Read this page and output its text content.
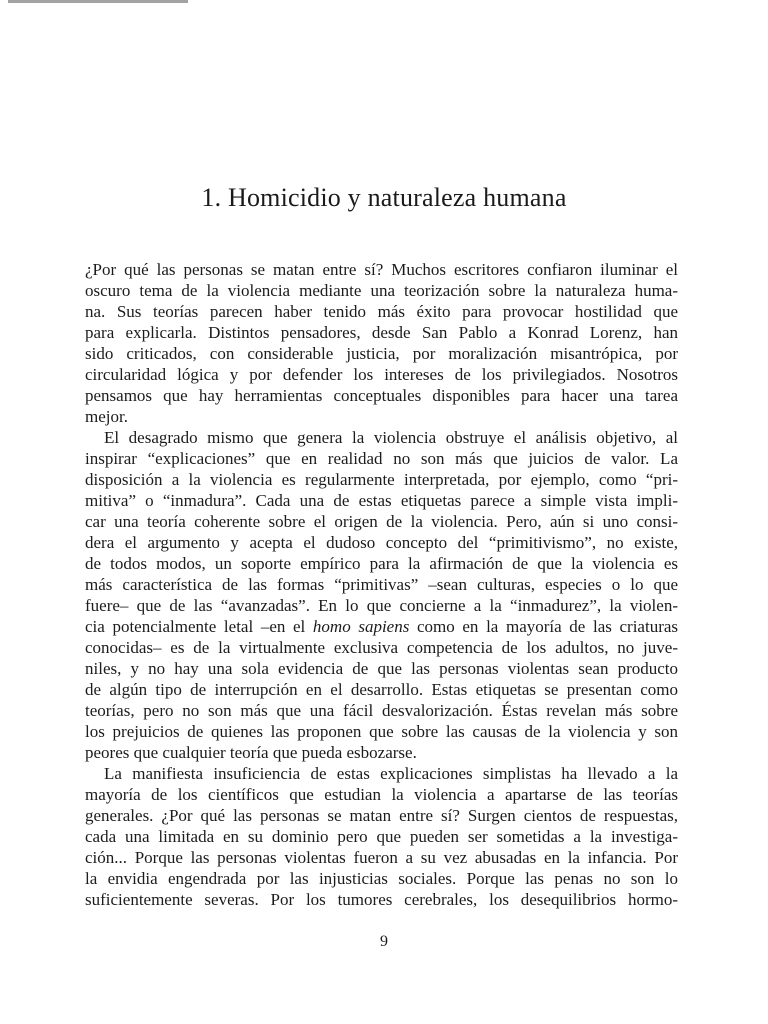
1. Homicidio y naturaleza humana
¿Por qué las personas se matan entre sí? Muchos escritores confiaron iluminar el
oscuro tema de la violencia mediante una teorización sobre la naturaleza huma-
na. Sus teorías parecen haber tenido más éxito para provocar hostilidad que
para explicarla. Distintos pensadores, desde San Pablo a Konrad Lorenz, han
sido criticados, con considerable justicia, por moralización misantrópica, por
circularidad lógica y por defender los intereses de los privilegiados. Nosotros
pensamos que hay herramientas conceptuales disponibles para hacer una tarea
mejor.
El desagrado mismo que genera la violencia obstruye el análisis objetivo, al
inspirar “explicaciones” que en realidad no son más que juicios de valor. La
disposición a la violencia es regularmente interpretada, por ejemplo, como “pri-
mitiva” o “inmadura”. Cada una de estas etiquetas parece a simple vista impli-
car una teoría coherente sobre el origen de la violencia. Pero, aún si uno consi-
dera el argumento y acepta el dudoso concepto del “primitivismo”, no existe,
de todos modos, un soporte empírico para la afirmación de que la violencia es
más característica de las formas “primitivas” –sean culturas, especies o lo que
fuere– que de las “avanzadas”. En lo que concierne a la “inmadurez”, la violen-
cia potencialmente letal –en el homo sapiens como en la mayoría de las criaturas
conocidas– es de la virtualmente exclusiva competencia de los adultos, no juve-
niles, y no hay una sola evidencia de que las personas violentas sean producto
de algún tipo de interrupción en el desarrollo. Estas etiquetas se presentan como
teorías, pero no son más que una fácil desvalorización. Éstas revelan más sobre
los prejuicios de quienes las proponen que sobre las causas de la violencia y son
peores que cualquier teoría que pueda esbozarse.
La manifiesta insuficiencia de estas explicaciones simplistas ha llevado a la
mayoría de los científicos que estudian la violencia a apartarse de las teorías
generales. ¿Por qué las personas se matan entre sí? Surgen cientos de respuestas,
cada una limitada en su dominio pero que pueden ser sometidas a la investiga-
ción... Porque las personas violentas fueron a su vez abusadas en la infancia. Por
la envidia engendrada por las injusticias sociales. Porque las penas no son lo
suficientemente severas. Por los tumores cerebrales, los desequilibrios hormo-
9
